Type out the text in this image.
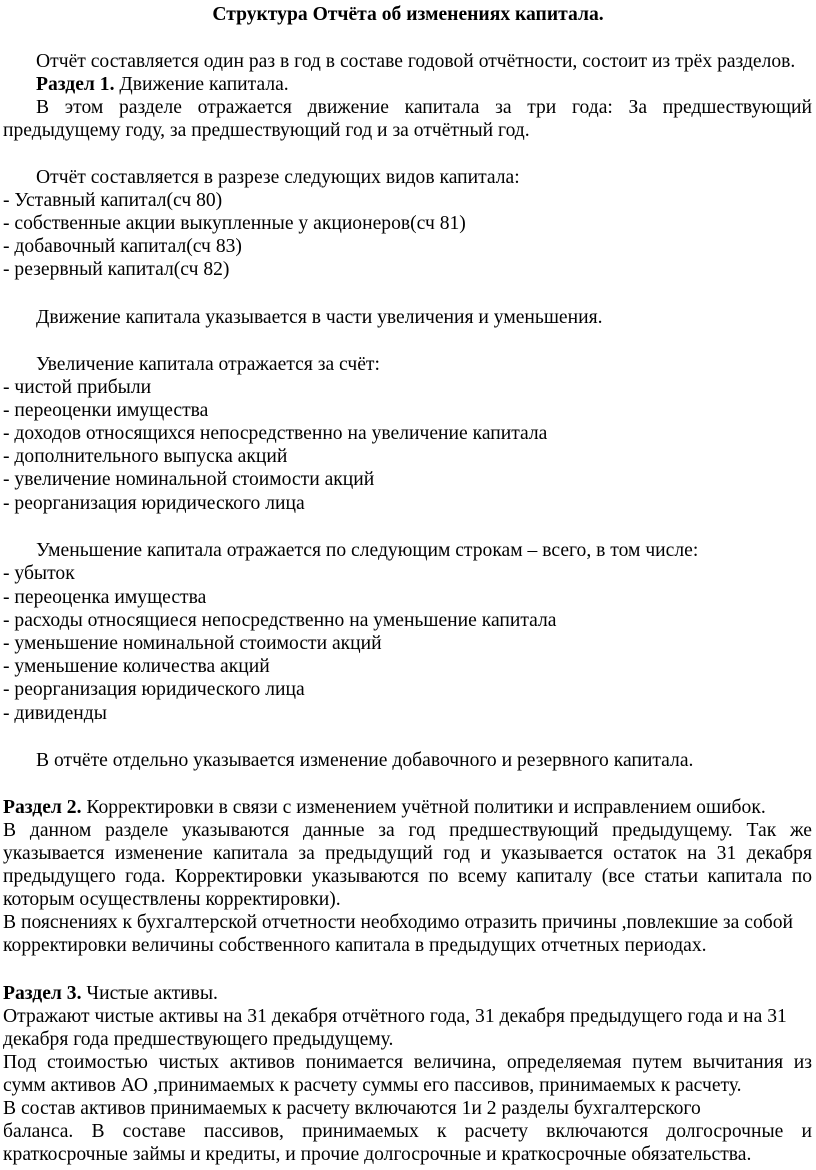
Структура Отчёта об изменениях капитала.
Отчёт составляется один раз в год в составе годовой отчётности, состоит из трёх разделов.
Раздел 1. Движение капитала.
В этом разделе отражается движение капитала за три года: За предшествующий
предыдущему году, за предшествующий год и за отчётный год.
Отчёт составляется в разрезе следующих видов капитала:
- Уставный капитал(сч 80)
- собственные акции выкупленные у акционеров(сч 81)
- добавочный капитал(сч 83)
- резервный капитал(сч 82)
Движение капитала указывается в части увеличения и уменьшения.
Увеличение капитала отражается за счёт:
- чистой прибыли
- переоценки имущества
- доходов относящихся непосредственно на увеличение капитала
- дополнительного выпуска акций
- увеличение номинальной стоимости акций
- реорганизация юридического лица
Уменьшение капитала отражается по следующим строкам – всего, в том числе:
- убыток
- переоценка имущества
- расходы относящиеся непосредственно на уменьшение капитала
- уменьшение номинальной стоимости акций
- уменьшение количества акций
- реорганизация юридического лица
- дивиденды
В отчёте отдельно указывается изменение добавочного и резервного капитала.
Раздел 2. Корректировки в связи с изменением учётной политики и исправлением ошибок.
В данном разделе указываются данные за год предшествующий предыдущему. Так же
указывается изменение капитала за предыдущий год и указывается остаток на 31 декабря
предыдущего года. Корректировки указываются по всему капиталу (все статьи капитала по
которым осуществлены корректировки).
В пояснениях к бухгалтерской отчетности необходимо отразить причины ,повлекшие за собой
корректировки величины собственного капитала в предыдущих отчетных периодах.
Раздел 3. Чистые активы.
Отражают чистые активы на 31 декабря отчётного года, 31 декабря предыдущего года и на 31
декабря года предшествующего предыдущему.
Под стоимостью чистых активов понимается величина, определяемая путем вычитания из
сумм активов АО ,принимаемых к расчету суммы его пассивов, принимаемых к расчету.
В состав активов принимаемых к расчету включаются 1и 2 разделы бухгалтерского
баланса. В составе пассивов, принимаемых к расчету включаются долгосрочные и
краткосрочные займы и кредиты, и прочие долгосрочные и краткосрочные обязательства.
